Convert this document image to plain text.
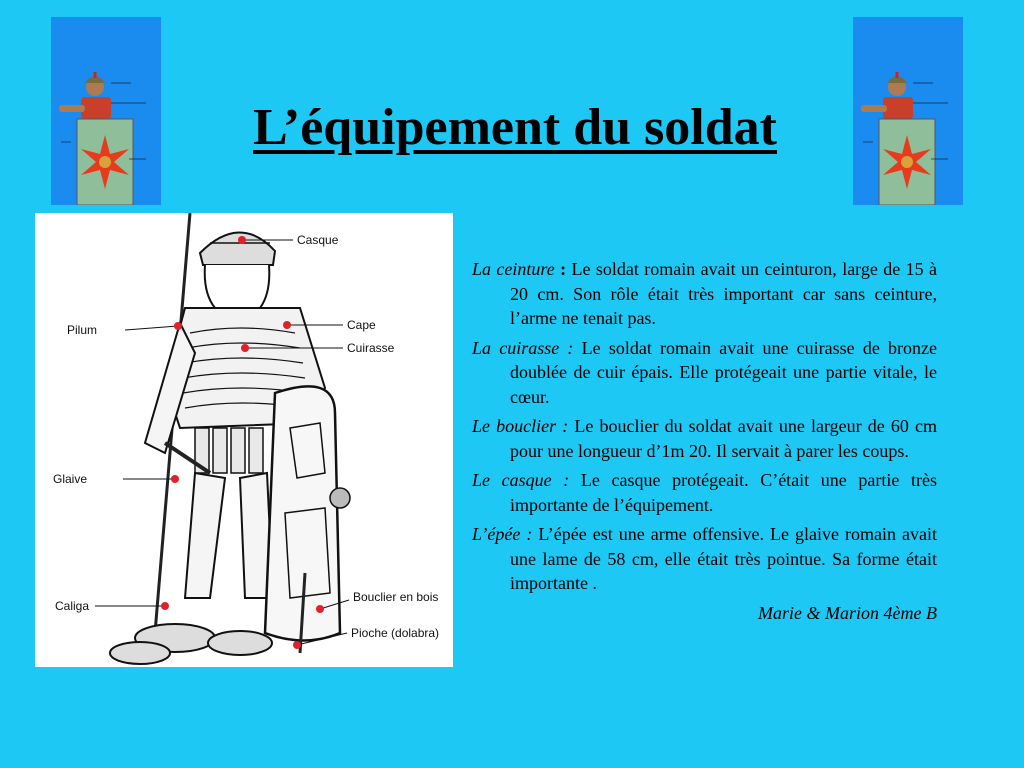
L’équipement du soldat
Casque
Pilum	Cape
Cuirasse
Glaive
Caliga
Bouclier en bois
Pioche (dolabra)

La ceinture : Le soldat romain avait un ceinturon, large de 15 à 20 cm. Son rôle était très important car sans ceinture, l’arme ne tenait pas.

La cuirasse : Le soldat romain avait une cuirasse de bronze doublée de cuir épais. Elle protégeait une partie vitale, le cœur.

Le bouclier : Le bouclier du soldat avait une largeur de 60 cm pour une longueur d’1m 20. Il servait à parer les coups.

Le casque : Le casque protégeait. C’était une partie très importante de l’équipement.

L’épée : L’épée est une arme offensive. Le glaive romain avait une lame de 58 cm, elle était très pointue. Sa forme était importante .

Marie & Marion 4ème B
